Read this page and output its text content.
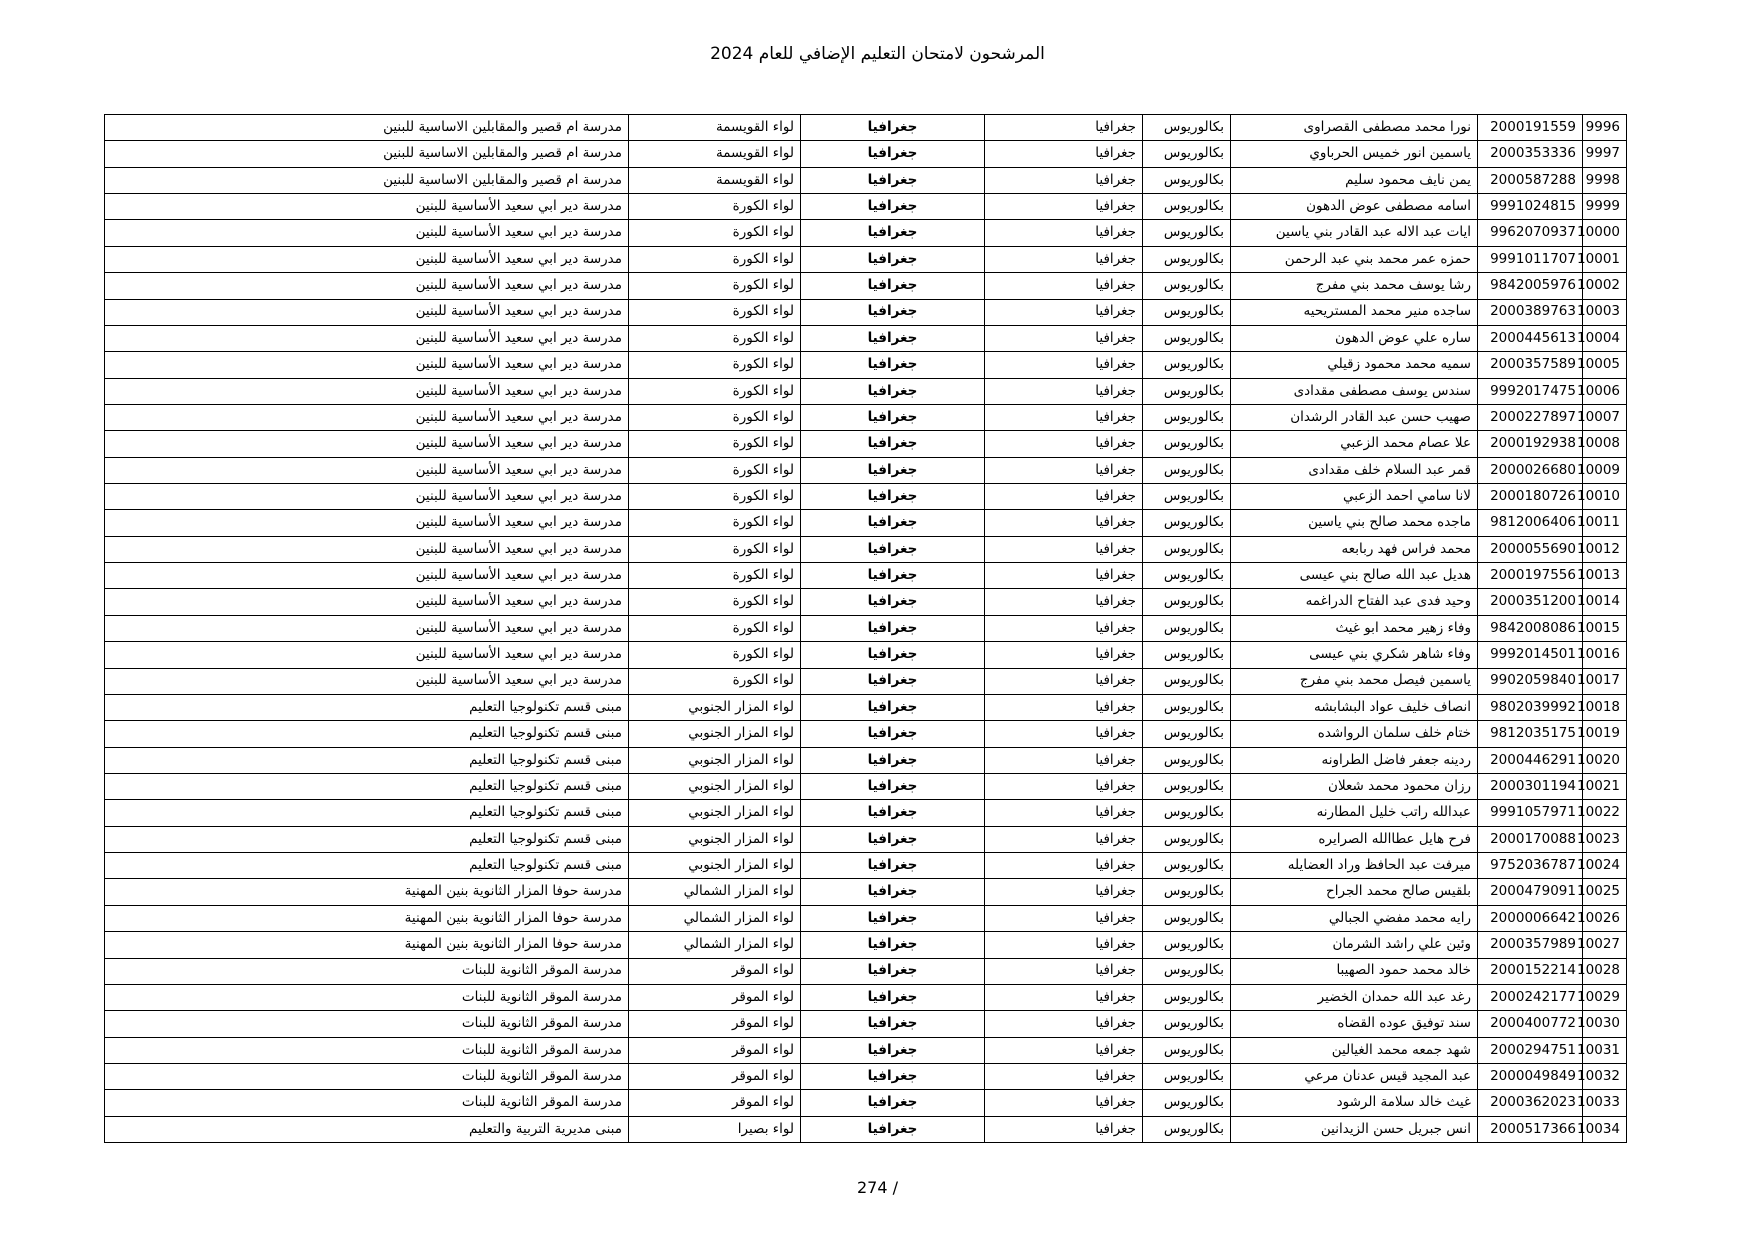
المرشحون لامتحان التعليم الإضافي للعام 2024
9996	2000191559	نورا محمد مصطفى القصراوى	بكالوريوس	جغرافيا	جغرافيا	لواء القويسمة	مدرسة ام قصير والمقابلين الاساسية للبنين
9997	2000353336	ياسمين انور خميس الحرباوي	بكالوريوس	جغرافيا	جغرافيا	لواء القويسمة	مدرسة ام قصير والمقابلين الاساسية للبنين
9998	2000587288	يمن نايف محمود سليم	بكالوريوس	جغرافيا	جغرافيا	لواء القويسمة	مدرسة ام قصير والمقابلين الاساسية للبنين
9999	9991024815	اسامه مصطفى عوض الدهون	بكالوريوس	جغرافيا	جغرافيا	لواء الكورة	مدرسة دير ابي سعيد الأساسية للبنين
10000	9962070937	ايات عبد الاله عبد القادر بني ياسين	بكالوريوس	جغرافيا	جغرافيا	لواء الكورة	مدرسة دير ابي سعيد الأساسية للبنين
10001	9991011707	حمزه عمر محمد بني عبد الرحمن	بكالوريوس	جغرافيا	جغرافيا	لواء الكورة	مدرسة دير ابي سعيد الأساسية للبنين
10002	9842005976	رشا يوسف محمد بني مفرج	بكالوريوس	جغرافيا	جغرافيا	لواء الكورة	مدرسة دير ابي سعيد الأساسية للبنين
10003	2000389763	ساجده منير محمد المستريحيه	بكالوريوس	جغرافيا	جغرافيا	لواء الكورة	مدرسة دير ابي سعيد الأساسية للبنين
10004	2000445613	ساره علي عوض الدهون	بكالوريوس	جغرافيا	جغرافيا	لواء الكورة	مدرسة دير ابي سعيد الأساسية للبنين
10005	2000357589	سميه محمد محمود زقيلي	بكالوريوس	جغرافيا	جغرافيا	لواء الكورة	مدرسة دير ابي سعيد الأساسية للبنين
10006	9992017475	سندس يوسف مصطفى مقدادى	بكالوريوس	جغرافيا	جغرافيا	لواء الكورة	مدرسة دير ابي سعيد الأساسية للبنين
10007	2000227897	صهيب حسن عبد القادر الرشدان	بكالوريوس	جغرافيا	جغرافيا	لواء الكورة	مدرسة دير ابي سعيد الأساسية للبنين
10008	2000192938	علا عصام محمد الزعبي	بكالوريوس	جغرافيا	جغرافيا	لواء الكورة	مدرسة دير ابي سعيد الأساسية للبنين
10009	2000026680	قمر عبد السلام خلف مقدادى	بكالوريوس	جغرافيا	جغرافيا	لواء الكورة	مدرسة دير ابي سعيد الأساسية للبنين
10010	2000180726	لانا سامي احمد الزعبي	بكالوريوس	جغرافيا	جغرافيا	لواء الكورة	مدرسة دير ابي سعيد الأساسية للبنين
10011	9812006406	ماجده محمد صالح بني ياسين	بكالوريوس	جغرافيا	جغرافيا	لواء الكورة	مدرسة دير ابي سعيد الأساسية للبنين
10012	2000055690	محمد فراس فهد ربابعه	بكالوريوس	جغرافيا	جغرافيا	لواء الكورة	مدرسة دير ابي سعيد الأساسية للبنين
10013	2000197556	هديل عبد الله صالح بني عيسى	بكالوريوس	جغرافيا	جغرافيا	لواء الكورة	مدرسة دير ابي سعيد الأساسية للبنين
10014	2000351200	وحيد فدى عبد الفتاح الدراغمه	بكالوريوس	جغرافيا	جغرافيا	لواء الكورة	مدرسة دير ابي سعيد الأساسية للبنين
10015	9842008086	وفاء زهير محمد ابو غيث	بكالوريوس	جغرافيا	جغرافيا	لواء الكورة	مدرسة دير ابي سعيد الأساسية للبنين
10016	9992014501	وفاء شاهر شكري بني عيسى	بكالوريوس	جغرافيا	جغرافيا	لواء الكورة	مدرسة دير ابي سعيد الأساسية للبنين
10017	9902059840	ياسمين فيصل محمد بني مفرج	بكالوريوس	جغرافيا	جغرافيا	لواء الكورة	مدرسة دير ابي سعيد الأساسية للبنين
10018	9802039992	انصاف خليف عواد البشابشه	بكالوريوس	جغرافيا	جغرافيا	لواء المزار الجنوبي	مبنى قسم تكنولوجيا التعليم
10019	9812035175	ختام خلف سلمان الرواشده	بكالوريوس	جغرافيا	جغرافيا	لواء المزار الجنوبي	مبنى قسم تكنولوجيا التعليم
10020	2000446291	ردينه جعفر فاضل الطراونه	بكالوريوس	جغرافيا	جغرافيا	لواء المزار الجنوبي	مبنى قسم تكنولوجيا التعليم
10021	2000301194	رزان محمود محمد شعلان	بكالوريوس	جغرافيا	جغرافيا	لواء المزار الجنوبي	مبنى قسم تكنولوجيا التعليم
10022	9991057971	عبدالله راتب خليل المطارنه	بكالوريوس	جغرافيا	جغرافيا	لواء المزار الجنوبي	مبنى قسم تكنولوجيا التعليم
10023	2000170088	فرح هايل عطاالله الصرايره	بكالوريوس	جغرافيا	جغرافيا	لواء المزار الجنوبي	مبنى قسم تكنولوجيا التعليم
10024	9752036787	ميرفت عبد الحافظ وراد العضايله	بكالوريوس	جغرافيا	جغرافيا	لواء المزار الجنوبي	مبنى قسم تكنولوجيا التعليم
10025	2000479091	بلقيس صالح محمد الجراح	بكالوريوس	جغرافيا	جغرافيا	لواء المزار الشمالي	مدرسة حوفا المزار الثانوية بنين المهنية
10026	2000006642	رايه محمد مفضي الجبالي	بكالوريوس	جغرافيا	جغرافيا	لواء المزار الشمالي	مدرسة حوفا المزار الثانوية بنين المهنية
10027	2000357989	وئين علي راشد الشرمان	بكالوريوس	جغرافيا	جغرافيا	لواء المزار الشمالي	مدرسة حوفا المزار الثانوية بنين المهنية
10028	2000152214	خالد محمد حمود الصهيبا	بكالوريوس	جغرافيا	جغرافيا	لواء الموقر	مدرسة الموقر الثانوية للبنات
10029	2000242177	رغد عبد الله حمدان الخضير	بكالوريوس	جغرافيا	جغرافيا	لواء الموقر	مدرسة الموقر الثانوية للبنات
10030	2000400772	سند توفيق عوده القضاه	بكالوريوس	جغرافيا	جغرافيا	لواء الموقر	مدرسة الموقر الثانوية للبنات
10031	2000294751	شهد جمعه محمد الغيالين	بكالوريوس	جغرافيا	جغرافيا	لواء الموقر	مدرسة الموقر الثانوية للبنات
10032	2000049849	عبد المجيد قيس عدنان مرعي	بكالوريوس	جغرافيا	جغرافيا	لواء الموقر	مدرسة الموقر الثانوية للبنات
10033	2000362023	غيث خالد سلامة الرشود	بكالوريوس	جغرافيا	جغرافيا	لواء الموقر	مدرسة الموقر الثانوية للبنات
10034	2000517366	انس جبريل حسن الزيدانين	بكالوريوس	جغرافيا	جغرافيا	لواء بصيرا	مبنى مديرية التربية والتعليم
274 /
